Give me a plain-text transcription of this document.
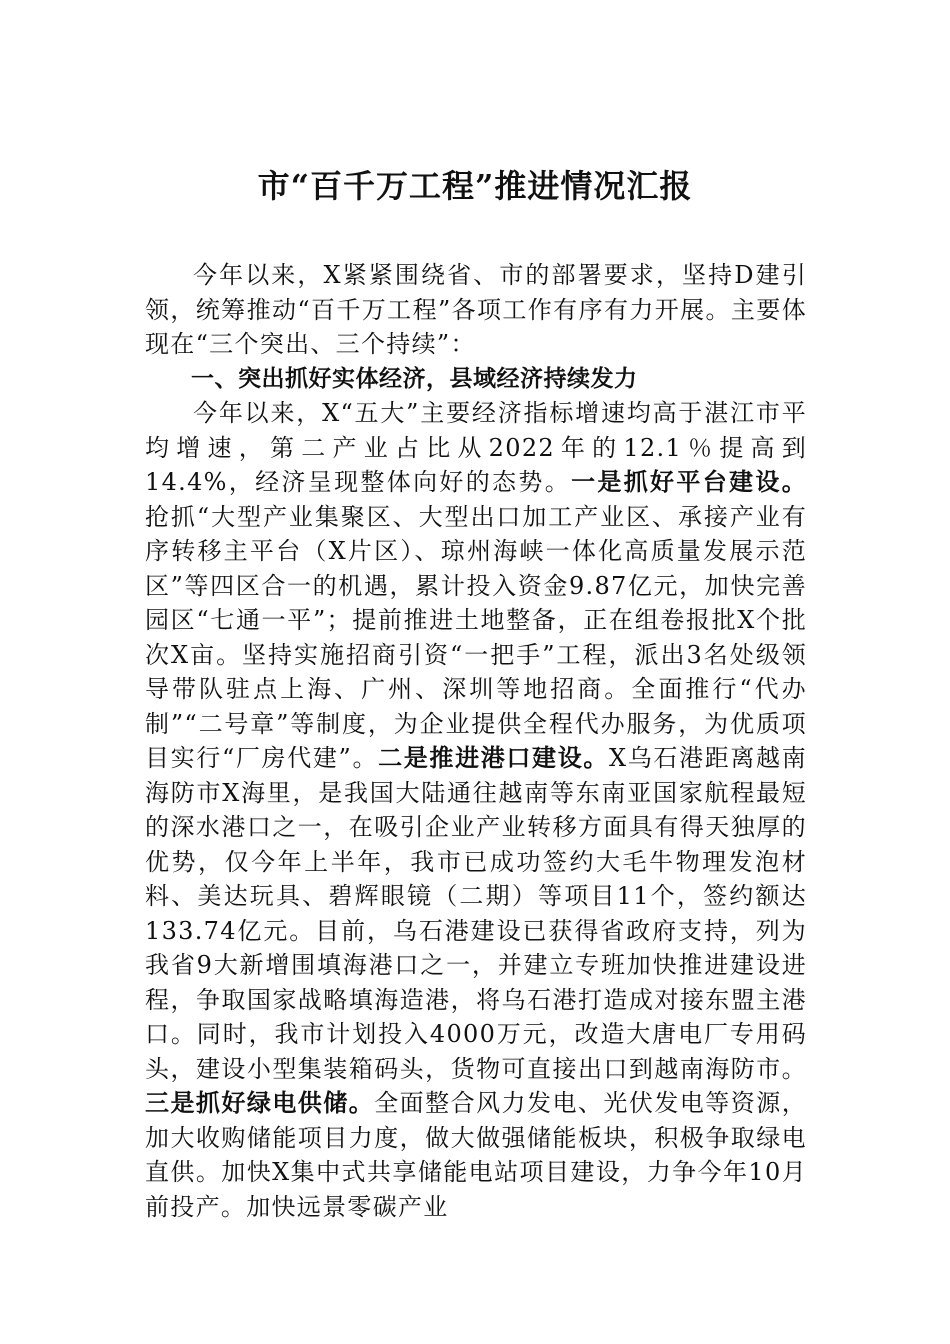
市“百千万工程”推进情况汇报

今年以来，X紧紧围绕省、市的部署要求，坚持D建引领，统筹推动“百千万工程”各项工作有序有力开展。主要体现在“三个突出、三个持续”：

一、突出抓好实体经济，县域经济持续发力

今年以来，X“五大”主要经济指标增速均高于湛江市平均增速，第二产业占比从2022年的12.1％提高到14.4%，经济呈现整体向好的态势。一是抓好平台建设。抢抓“大型产业集聚区、大型出口加工产业区、承接产业有序转移主平台（X片区）、琼州海峡一体化高质量发展示范区”等四区合一的机遇，累计投入资金9.87亿元，加快完善园区“七通一平”；提前推进土地整备，正在组卷报批X个批次X亩。坚持实施招商引资“一把手”工程，派出3名处级领导带队驻点上海、广州、深圳等地招商。全面推行“代办制”“二号章”等制度，为企业提供全程代办服务，为优质项目实行“厂房代建”。二是推进港口建设。X乌石港距离越南海防市X海里，是我国大陆通往越南等东南亚国家航程最短的深水港口之一，在吸引企业产业转移方面具有得天独厚的优势，仅今年上半年，我市已成功签约大毛牛物理发泡材料、美达玩具、碧辉眼镜（二期）等项目11个，签约额达133.74亿元。目前，乌石港建设已获得省政府支持，列为我省9大新增围填海港口之一，并建立专班加快推进建设进程，争取国家战略填海造港，将乌石港打造成对接东盟主港口。同时，我市计划投入4000万元，改造大唐电厂专用码头，建设小型集装箱码头，货物可直接出口到越南海防市。三是抓好绿电供储。全面整合风力发电、光伏发电等资源，加大收购储能项目力度，做大做强储能板块，积极争取绿电直供。加快X集中式共享储能电站项目建设，力争今年10月前投产。加快远景零碳产业
